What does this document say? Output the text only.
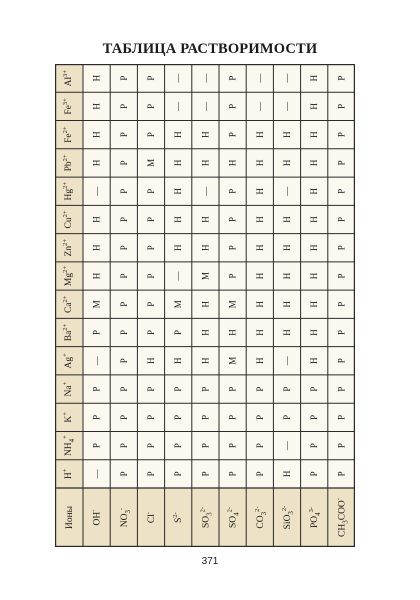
ТАБЛИЦА РАСТВОРИМОСТИ
Al3+
Fe3+
Fe2+
Pb2+
Hg2+
Cu2+
Zn2+
Mg2+
Ca2+
Ba2+
Ag+
Na+
K+
NH4+
H+
OH-
NO3-
Cl-
S2-
SO32-
SO42-
CO32-
SiO32-
PO43-
CH3COO-
Ионы
Н Р Р — — Р — — Н Р
Н Р Р — — Р — — Н Р
Н Р Р Н Н Р Н Н Н Р
Н Р М Н Н Н Н Н Н Р
— Р Р Н — Р Н — Н Р
Н Р Р Н Н Р Н Н Н Р
Н Р Р Н Н Р Н Н Н Р
Н Р Р — М Р Н Н Н Р
М Р Р М Н М Н Н Н Р
Р Р Р Р Н Н Н Н Н Р
— Р Н Н Н М Н — Н Р
Р Р Р Р Р Р Р Р Р Р
Р Р Р Р Р Р Р Р Р Р
Р Р Р Р Р Р Р — Р Р
— Р Р Р Р Р Р Н Р Р
371
